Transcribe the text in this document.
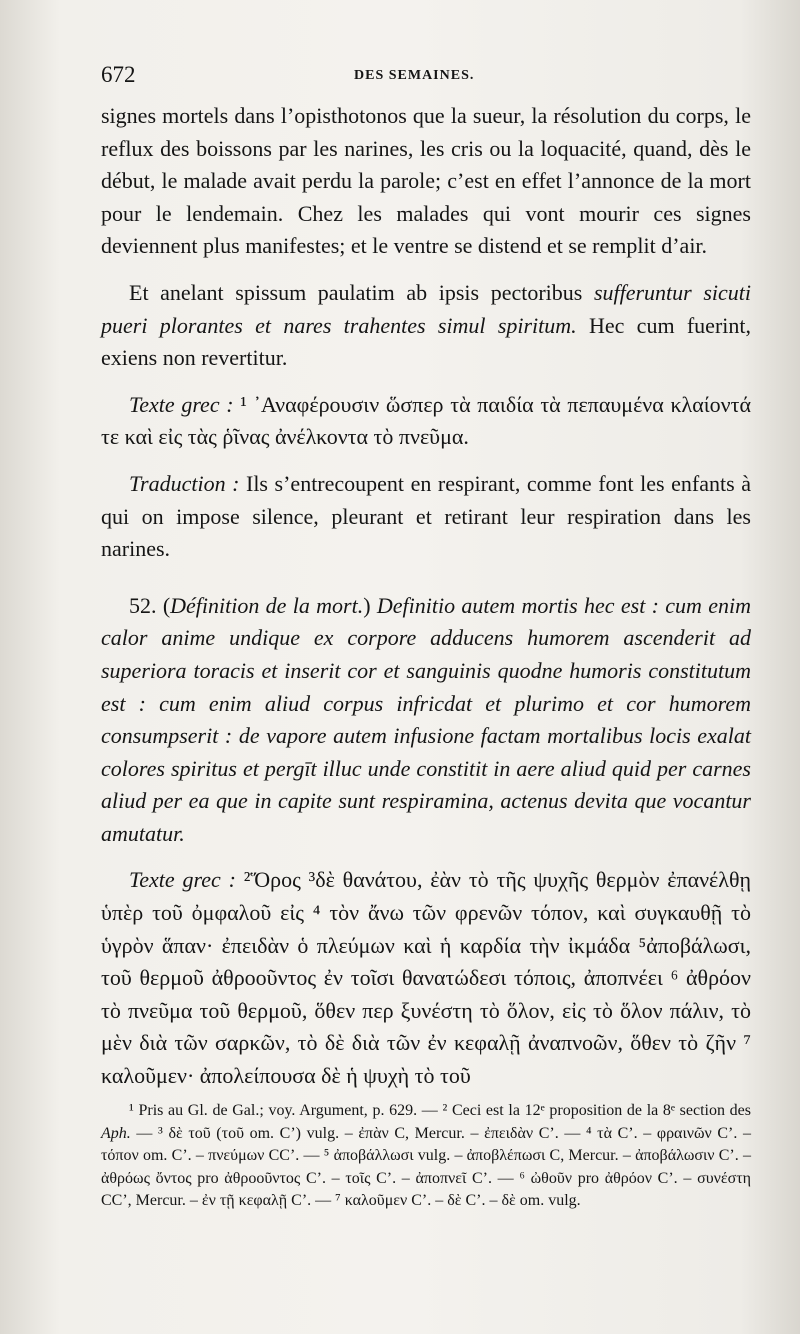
672	DES SEMAINES.

signes mortels dans l’opisthotonos que la sueur, la résolution du corps, le reflux des boissons par les narines, les cris ou la loquacité, quand, dès le début, le malade avait perdu la parole; c’est en effet l’annonce de la mort pour le lendemain. Chez les malades qui vont mourir ces signes deviennent plus manifestes; et le ventre se distend et se remplit d’air.

Et anelant spissum paulatim ab ipsis pectoribus sufferuntur sicuti pueri plorantes et nares trahentes simul spiritum. Hec cum fuerint, exiens non revertitur.

Texte grec : ¹ ᾽Αναφέρουσιν ὥσπερ τὰ παιδία τὰ πεπαυμένα κλαίοντά τε καὶ εἰς τὰς ῥῖνας ἀνέλκοντα τὸ πνεῦμα.

Traduction : Ils s’entrecoupent en respirant, comme font les enfants à qui on impose silence, pleurant et retirant leur respiration dans les narines.

52. (Définition de la mort.) Definitio autem mortis hec est : cum enim calor anime undique ex corpore adducens humorem ascenderit ad superiora toracis et inserit cor et sanguinis quodne humoris constitutum est : cum enim aliud corpus infricdat et plurimo et cor humorem consumpserit : de vapore autem infusione factam mortalibus locis exalat colores spiritus et pergīt illuc unde constitit in aere aliud quid per carnes aliud per ea que in capite sunt respiramina, actenus devita que vocantur amutatur.

Texte grec : ²Ὅρος ³δὲ θανάτου, ἐὰν τὸ τῆς ψυχῆς θερμὸν ἐπανέλθῃ ὑπὲρ τοῦ ὀμφαλοῦ εἰς ⁴ τὸν ἄνω τῶν φρενῶν τόπον, καὶ συγκαυθῇ τὸ ὑγρὸν ἅπαν· ἐπειδὰν ὁ πλεύμων καὶ ἡ καρδία τὴν ἰκμάδα ⁵ἀποβάλωσι, τοῦ θερμοῦ ἀθροοῦντος ἐν τοῖσι θανατώδεσι τόποις, ἀποπνέει ⁶ ἀθρόον τὸ πνεῦμα τοῦ θερμοῦ, ὅθεν περ ξυνέστη τὸ ὅλον, εἰς τὸ ὅλον πάλιν, τὸ μὲν διὰ τῶν σαρκῶν, τὸ δὲ διὰ τῶν ἐν κεφαλῇ ἀναπνοῶν, ὅθεν τὸ ζῆν ⁷ καλοῦμεν· ἀπολείπουσα δὲ ἡ ψυχὴ τὸ τοῦ

¹ Pris au Gl. de Gal.; voy. Argument, p. 629. — ² Ceci est la 12ᵉ proposition de la 8ᵉ section des Aph. — ³ δὲ τοῦ (τοῦ om. C’) vulg. – ἐπὰν C, Mercur. – ἐπειδὰν C’. — ⁴ τὰ C’. – φραινῶν C’. – τόπον om. C’. – πνεύμων CC’. — ⁵ ἀποβάλλωσι vulg. – ἀποβλέπωσι C, Mercur. – ἀποβάλωσιν C’. – ἀθρόως ὄντος pro ἀθροοῦντος C’. – τοῖς C’. – ἀποπνεῖ C’. — ⁶ ὠθοῦν pro ἀθρόον C’. – συνέστη CC’, Mercur. – ἐν τῇ κεφαλῇ C’. — ⁷ καλοῦμεν C’. – δὲ C’. – δὲ om. vulg.
